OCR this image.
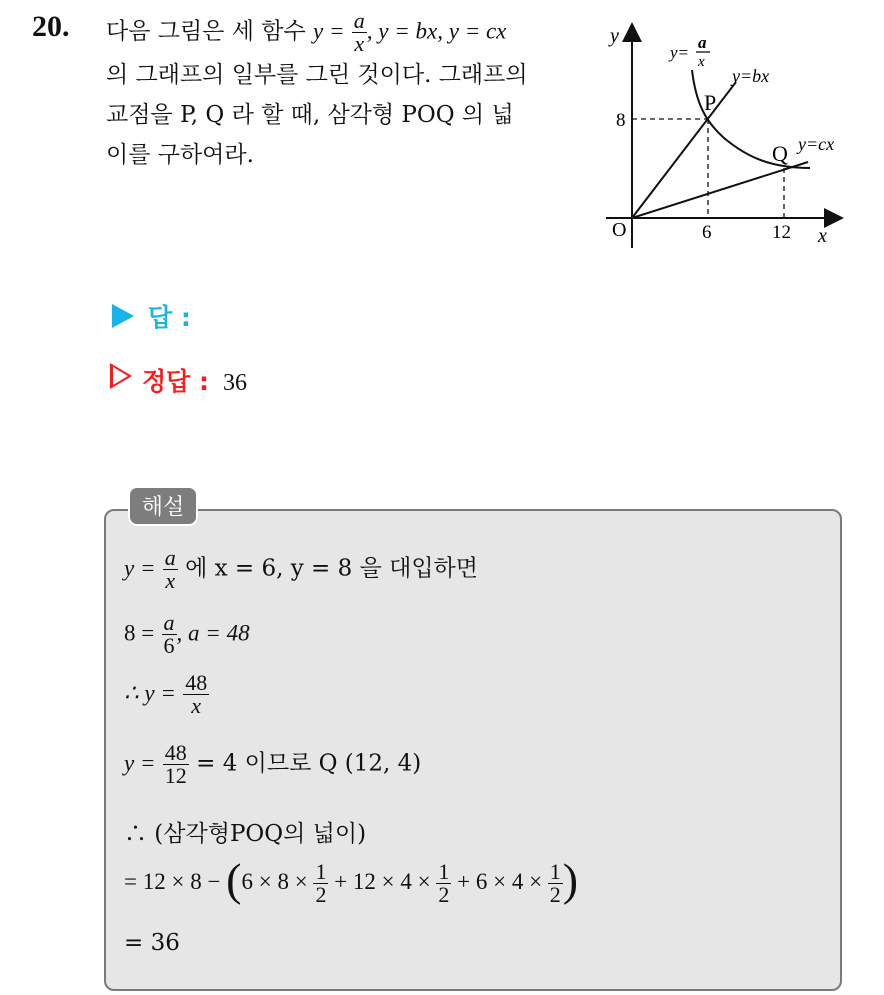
20. 다음 그림은 세 함수 $y = \frac{a}{x}$ , y = bx, y = cx
의 그래프의 일부를 그린 것이다. 그래프의
교점을 P, Q 라 할 때, 삼각형 POQ 의 넓
이를 구하여라.
y
x
O
y=
a
x
y=bx
y=cx
P
Q
8
6	12
답 :
정답 : 36
해설
$y = \frac{a}{x}$ 에 x = 6, y = 8 을 대입하면
$8 = \frac{a}{6}$ , a = 48
∴ $y = \frac{48}{x}$
$y = \frac{48}{12} = 4$ 이므로 Q (12, 4)
∴ (삼각형POQ의 넓이)
= $12 \times 8 - (6 \times 8 \times \frac{1}{2} + 12 \times 4 \times \frac{1}{2} + 6 \times 4 \times \frac{1}{2}$ )
= 36
